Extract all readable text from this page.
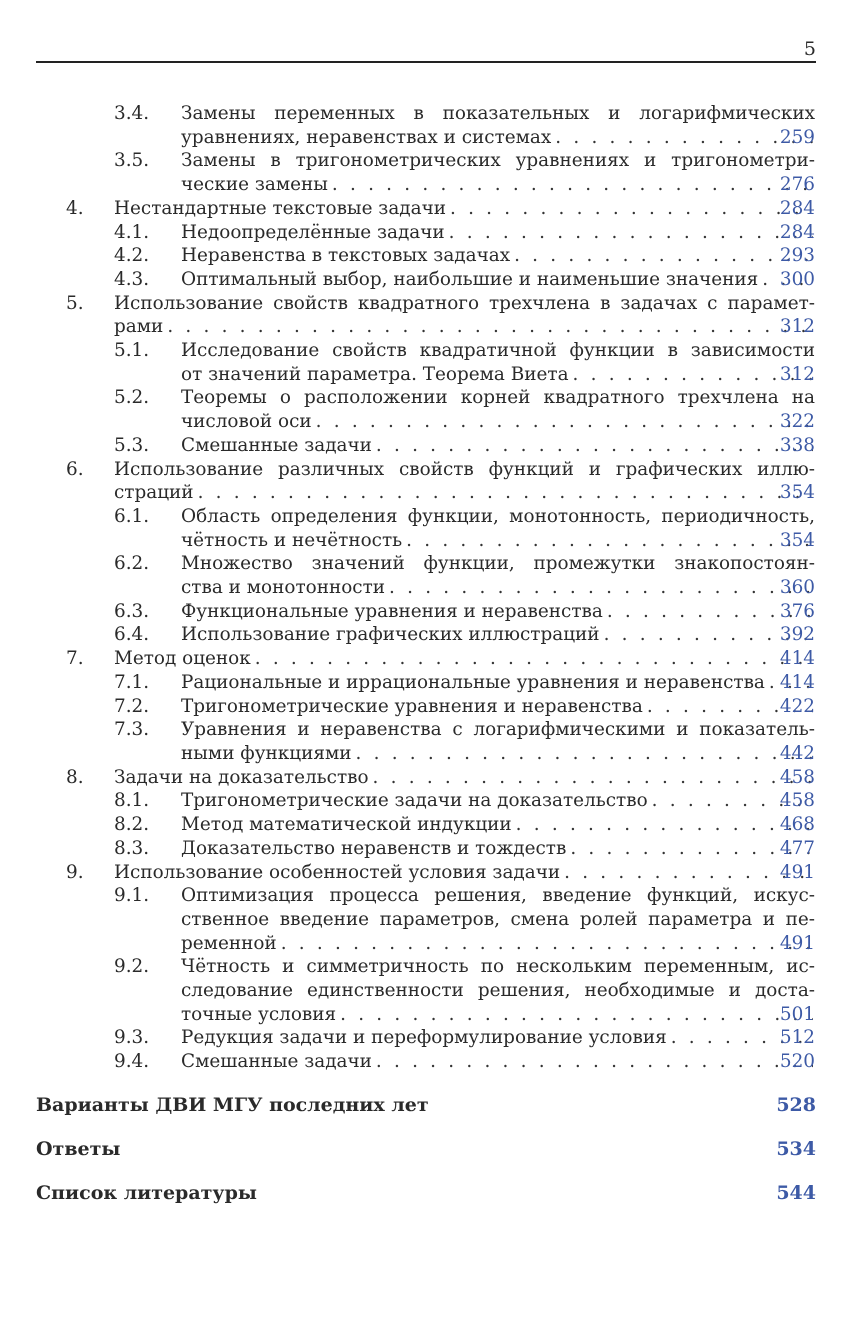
5
3.4. Замены переменных в показательных и логарифмических
уравнениях, неравенствах и системах . . .	259
3.5. Замены в тригонометрических уравнениях и тригонометри-
ческие замены . . .	276
4. Нестандартные текстовые задачи . . .	284
4.1. Недоопределённые задачи . . .	284
4.2. Неравенства в текстовых задачах . . .	293
4.3. Оптимальный выбор, наибольшие и наименьшие значения . . . 300
5. Использование свойств квадратного трехчлена в задачах с парамет-
рами . . .	312
5.1. Исследование свойств квадратичной функции в зависимости
от значений параметра. Теорема Виета . . .	312
5.2. Теоремы о расположении корней квадратного трехчлена на
числовой оси . . .	322
5.3. Смешанные задачи . . .	338
6. Использование различных свойств функций и графических иллю-
страций . . .	354
6.1. Область определения функции, монотонность, периодичность,
чётность и нечётность . . .	354
6.2. Множество значений функции, промежутки знакопостоян-
ства и монотонности . . .	360
6.3. Функциональные уравнения и неравенства . . .	376
6.4. Использование графических иллюстраций . . .	392
7. Метод оценок . . .	414
7.1. Рациональные и иррациональные уравнения и неравенства . . . 414
7.2. Тригонометрические уравнения и неравенства . . .	422
7.3. Уравнения и неравенства с логарифмическими и показатель-
ными функциями . . .	442
8. Задачи на доказательство . . .	458
8.1. Тригонометрические задачи на доказательство . . .	458
8.2. Метод математической индукции . . .	468
8.3. Доказательство неравенств и тождеств . . .	477
9. Использование особенностей условия задачи . . .	491
9.1. Оптимизация процесса решения, введение функций, искус-
ственное введение параметров, смена ролей параметра и пе-
ременной . . .	491
9.2. Чётность и симметричность по нескольким переменным, ис-
следование единственности решения, необходимые и доста-
точные условия . . .	501
9.3. Редукция задачи и переформулирование условия . . .	512
9.4. Смешанные задачи . . .	520
Варианты ДВИ МГУ последних лет	528
Ответы	534
Список литературы	544
